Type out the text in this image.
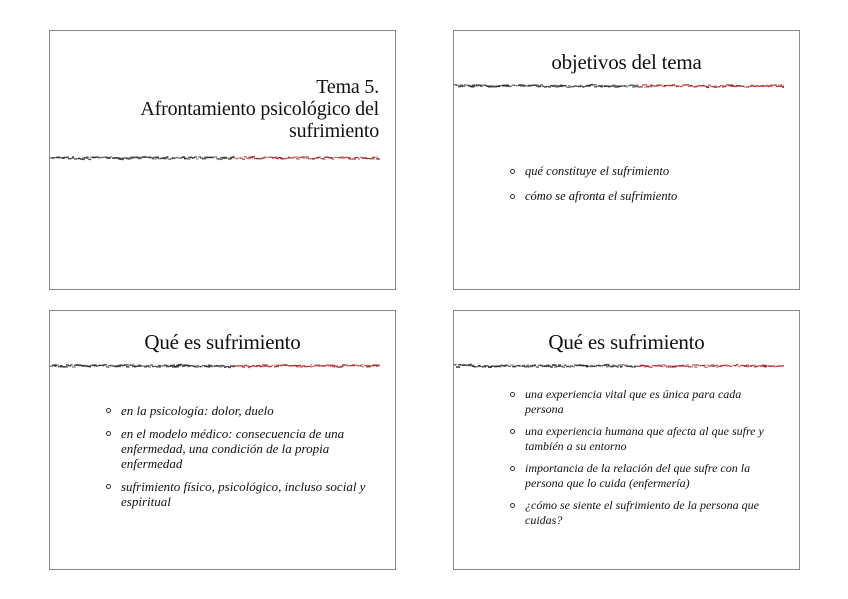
Tema 5.
Afrontamiento psicológico del
sufrimiento
objetivos del tema
qué constituye el sufrimiento
cómo se afronta el sufrimiento
Qué es sufrimiento
en la psicología: dolor, duelo
en el modelo médico: consecuencia de una enfermedad, una condición de la propia enfermedad
sufrimiento físico, psicológico, incluso social y espiritual
Qué es sufrimiento
una experiencia vital que es única para cada persona
una experiencia humana que afecta al que sufre y también a su entorno
importancia de la relación del que sufre con la persona que lo cuida (enfermería)
¿cómo se siente el sufrimiento de la persona que cuidas?
